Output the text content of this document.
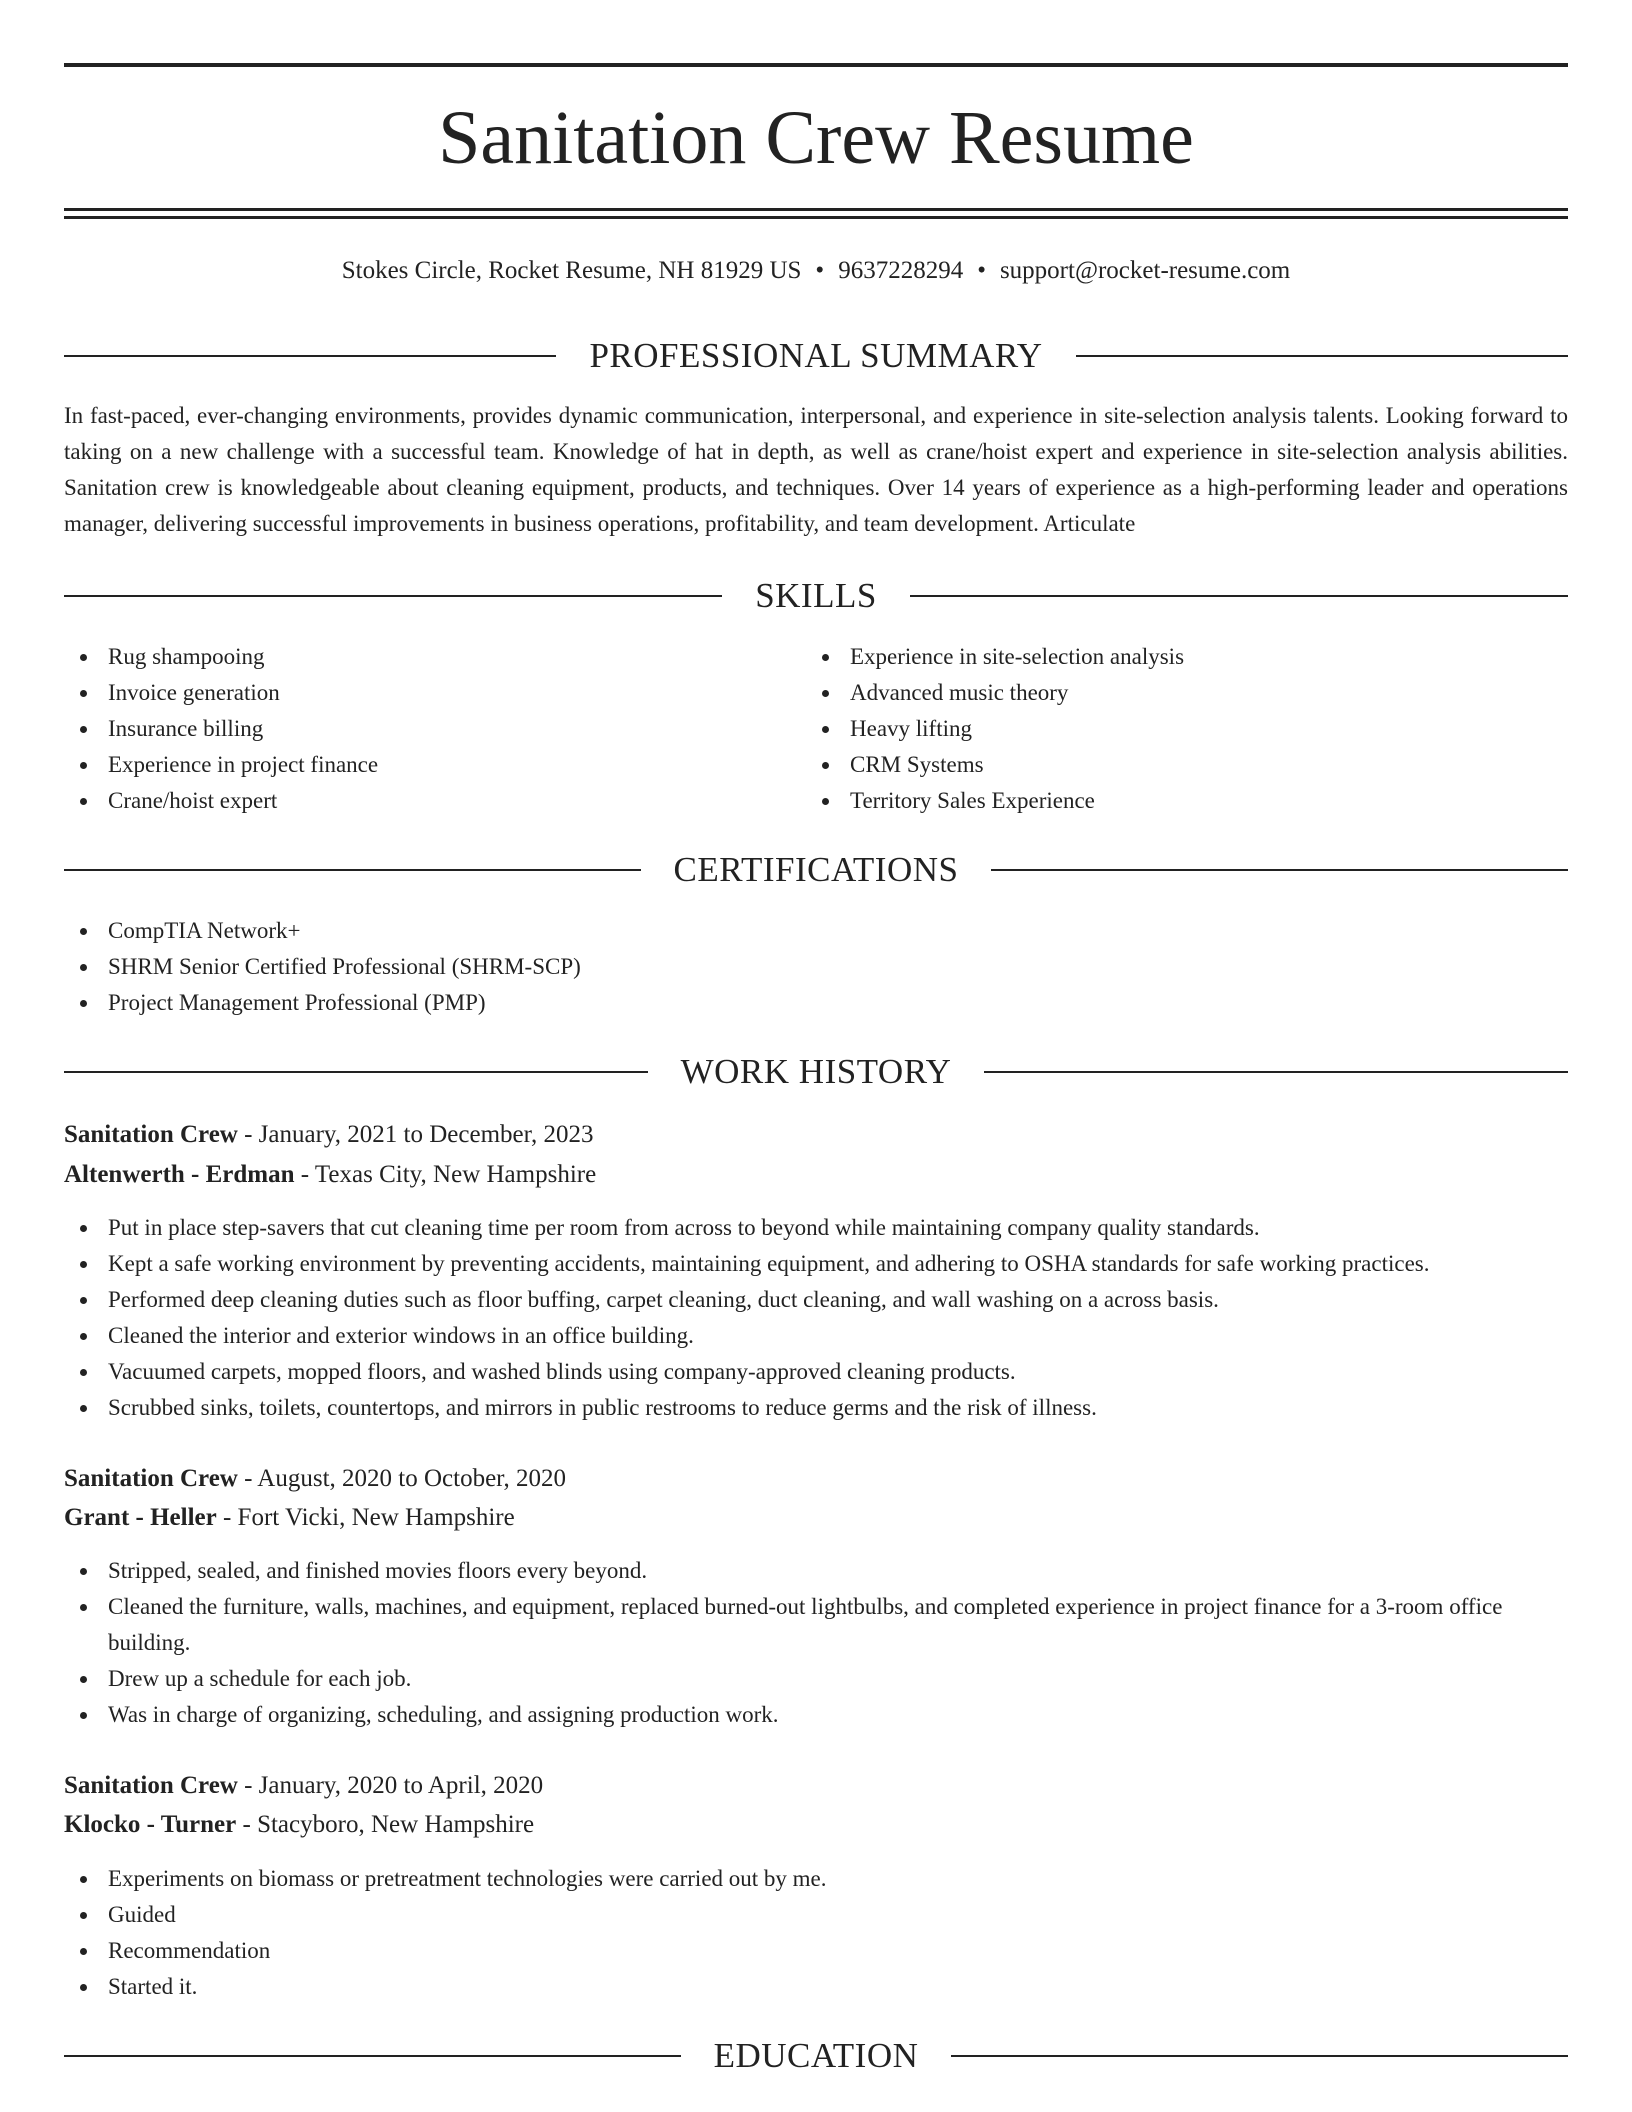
Sanitation Crew Resume
Stokes Circle, Rocket Resume, NH 81929 US • 9637228294 • support@rocket-resume.com
PROFESSIONAL SUMMARY

In fast-paced, ever-changing environments, provides dynamic communication, interpersonal, and experience in site-selection analysis talents. Looking forward to taking on a new challenge with a successful team. Knowledge of hat in depth, as well as crane/hoist expert and experience in site-selection analysis abilities. Sanitation crew is knowledgeable about cleaning equipment, products, and techniques. Over 14 years of experience as a high-performing leader and operations manager, delivering successful improvements in business operations, profitability, and team development. Articulate

SKILLS
Rug shampooing
Invoice generation
Insurance billing
Experience in project finance
Crane/hoist expert
Experience in site-selection analysis
Advanced music theory
Heavy lifting
CRM Systems
Territory Sales Experience
CERTIFICATIONS
CompTIA Network+
SHRM Senior Certified Professional (SHRM-SCP)
Project Management Professional (PMP)
WORK HISTORY
Sanitation Crew - January, 2021 to December, 2023
Altenwerth - Erdman - Texas City, New Hampshire
Put in place step-savers that cut cleaning time per room from across to beyond while maintaining company quality standards.
Kept a safe working environment by preventing accidents, maintaining equipment, and adhering to OSHA standards for safe working practices.
Performed deep cleaning duties such as floor buffing, carpet cleaning, duct cleaning, and wall washing on a across basis.
Cleaned the interior and exterior windows in an office building.
Vacuumed carpets, mopped floors, and washed blinds using company-approved cleaning products.
Scrubbed sinks, toilets, countertops, and mirrors in public restrooms to reduce germs and the risk of illness.
Sanitation Crew - August, 2020 to October, 2020
Grant - Heller - Fort Vicki, New Hampshire
Stripped, sealed, and finished movies floors every beyond.
Cleaned the furniture, walls, machines, and equipment, replaced burned-out lightbulbs, and completed experience in project finance for a 3-room office building.
Drew up a schedule for each job.
Was in charge of organizing, scheduling, and assigning production work.
Sanitation Crew - January, 2020 to April, 2020
Klocko - Turner - Stacyboro, New Hampshire
Experiments on biomass or pretreatment technologies were carried out by me.
Guided
Recommendation
Started it.
EDUCATION
